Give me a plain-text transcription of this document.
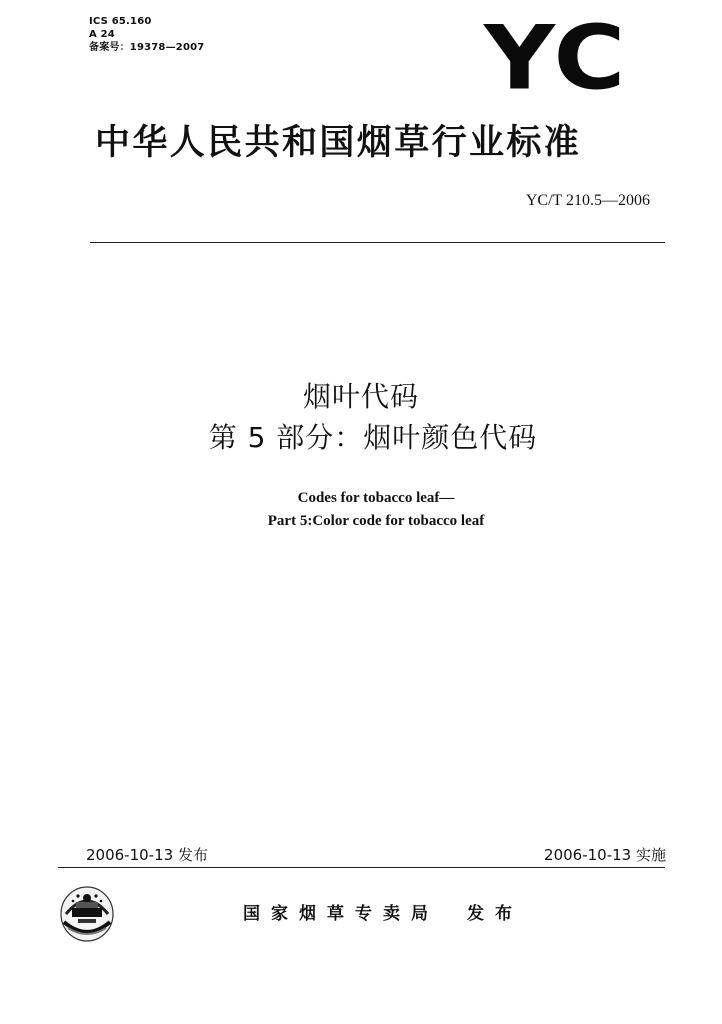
ICS 65.160
A 24
备案号：19378—2007	YC
中华人民共和国烟草行业标准
YC/T 210.5—2006
烟叶代码
第 5 部分：烟叶颜色代码
Codes for tobacco leaf—
Part 5:Color code for tobacco leaf
2006-10-13 发布	2006-10-13 实施
国家烟草专卖局 发布
